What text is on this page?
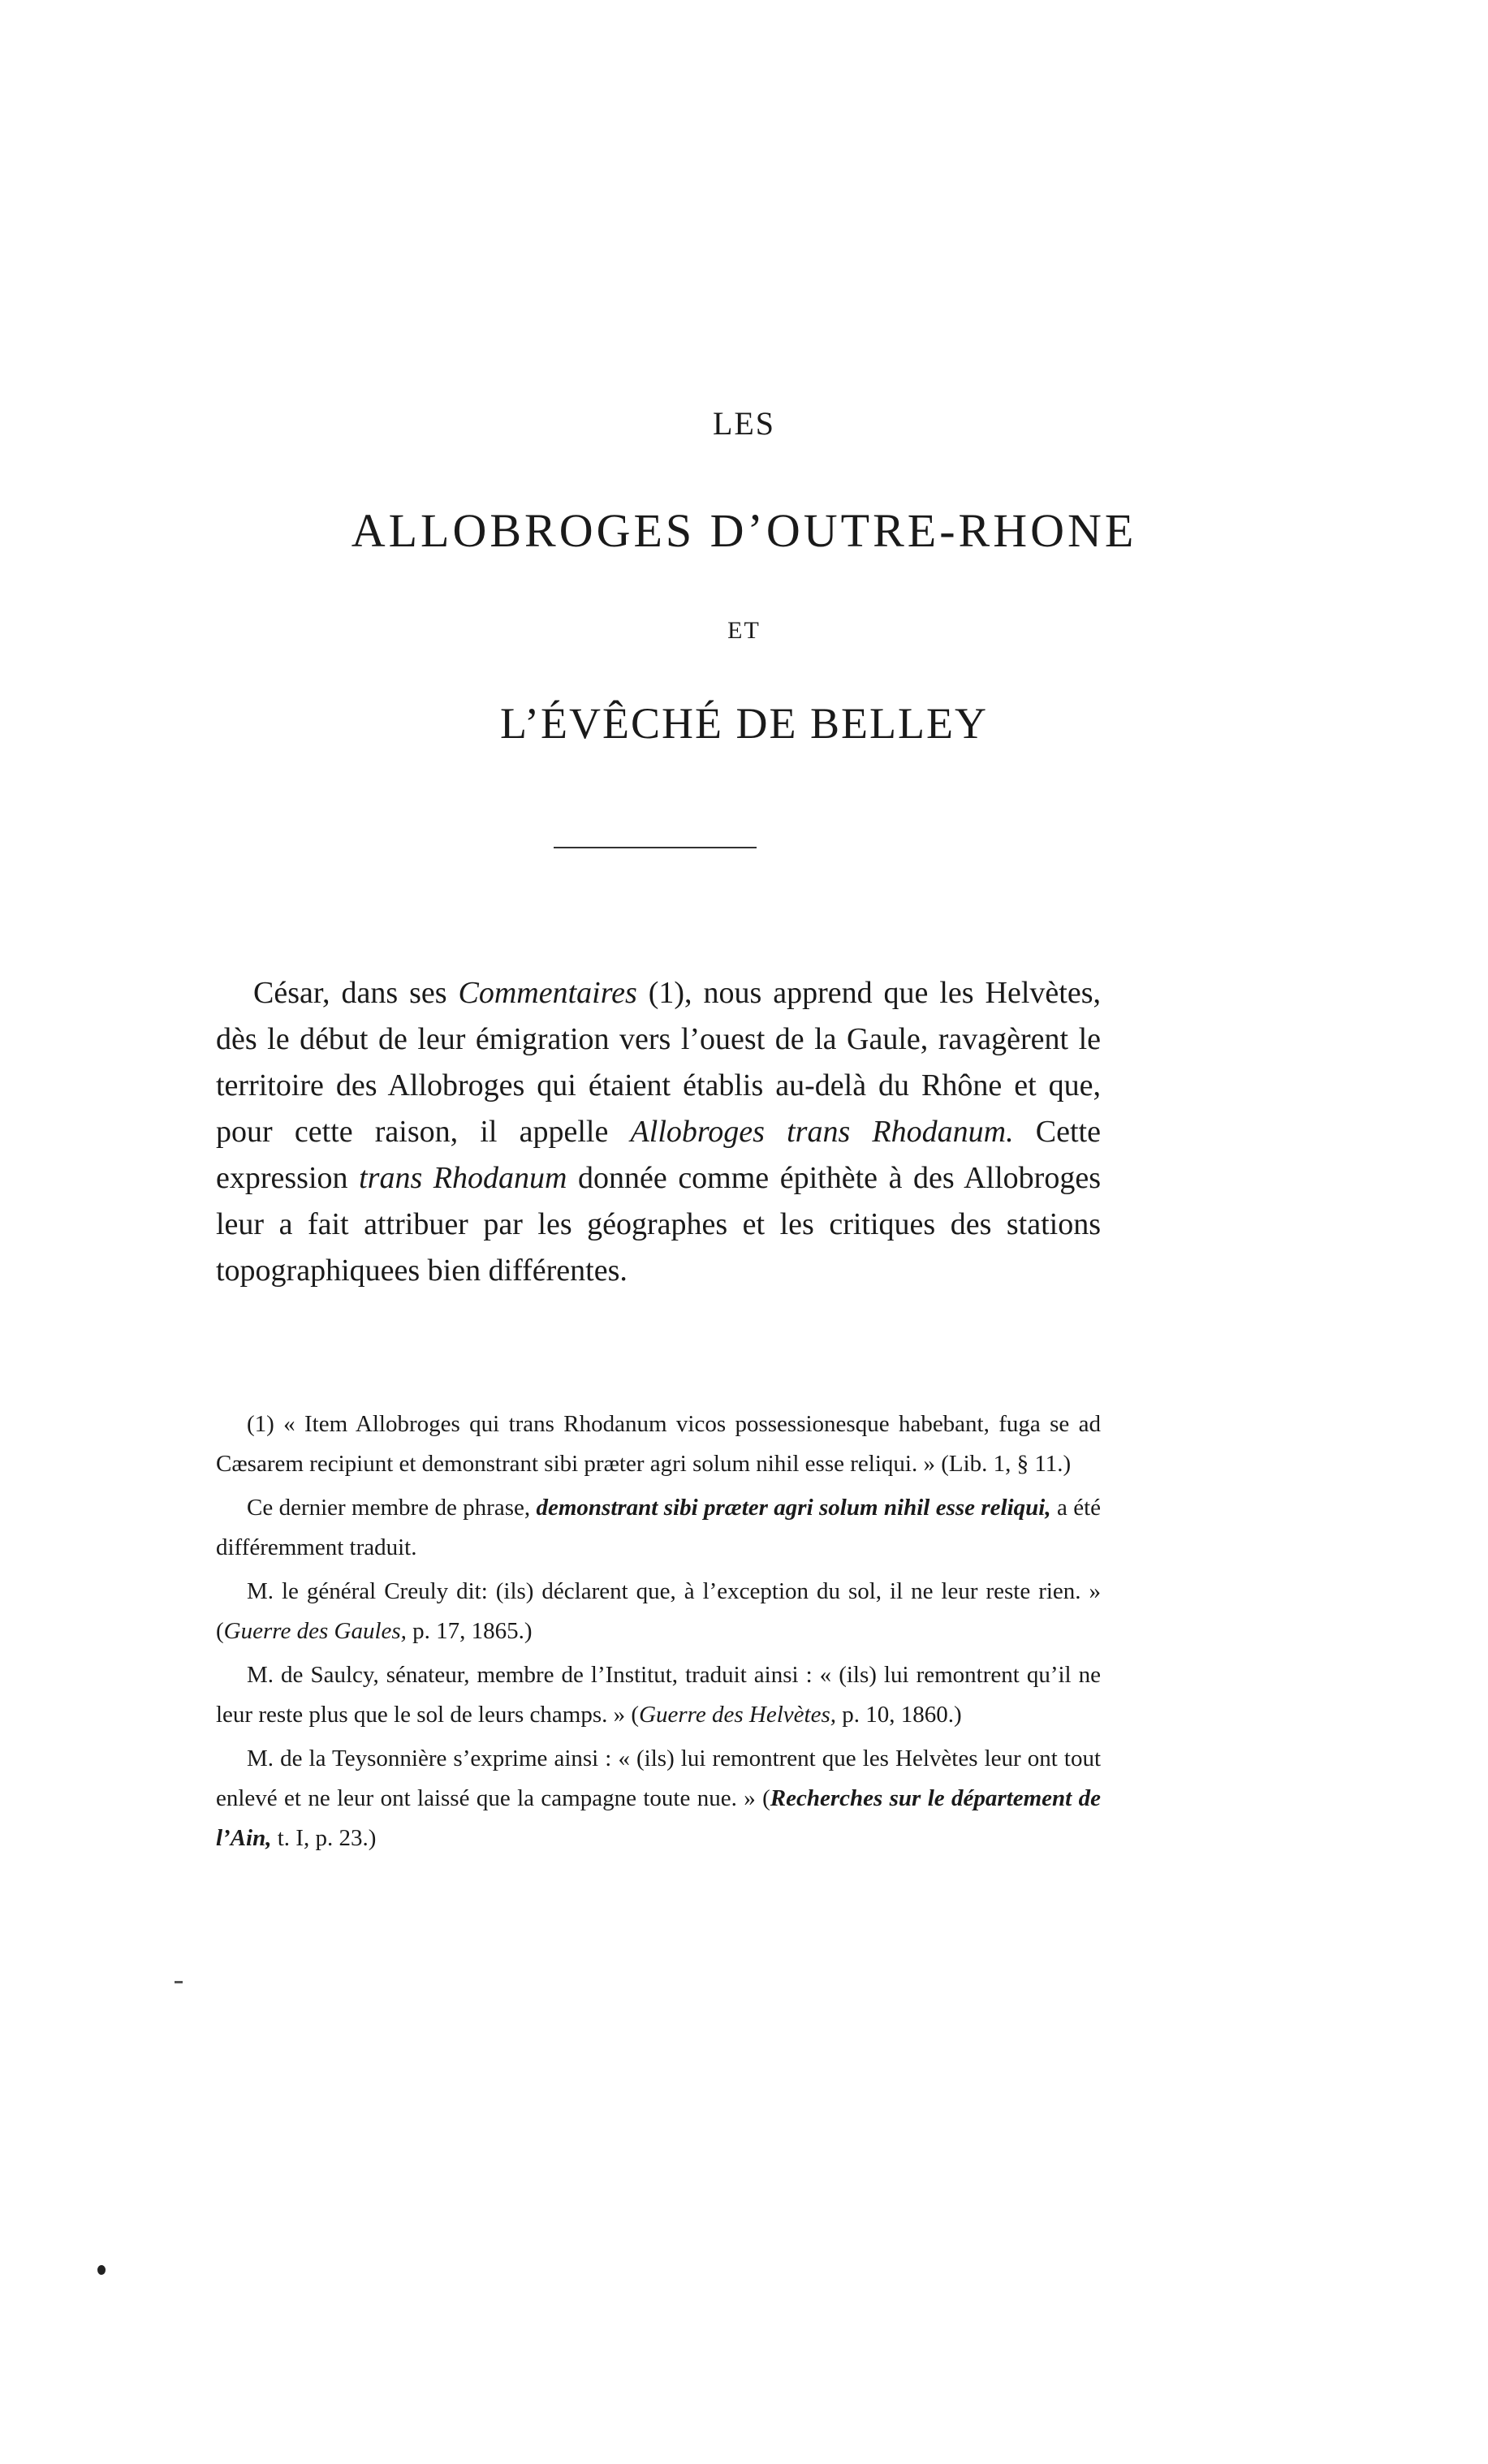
LES
ALLOBROGES D’OUTRE-RHONE
ET
L’ÉVÊCHÉ DE BELLEY

César, dans ses Commentaires (1), nous apprend que les Helvètes, dès le début de leur émigration vers l’ouest de la Gaule, ravagèrent le territoire des Allobroges qui étaient établis au-delà du Rhône et que, pour cette raison, il appelle Allobroges trans Rhodanum. Cette expression trans Rhodanum donnée comme épithète à des Allobroges leur a fait attribuer par les géographes et les critiques des stations topographiquees bien différentes.

(1) « Item Allobroges qui trans Rhodanum vicos possessionesque habebant, fuga se ad Cæsarem recipiunt et demonstrant sibi præter agri solum nihil esse reliqui. » (Lib. 1, § 11.)

Ce dernier membre de phrase, demonstrant sibi præter agri solum nihil esse reliqui, a été différemment traduit.

M. le général Creuly dit: (ils) déclarent que, à l’exception du sol, il ne leur reste rien. » (Guerre des Gaules, p. 17, 1865.)

M. de Saulcy, sénateur, membre de l’Institut, traduit ainsi : « (ils) lui remontrent qu’il ne leur reste plus que le sol de leurs champs. » (Guerre des Helvètes, p. 10, 1860.)

M. de la Teysonnière s’exprime ainsi : « (ils) lui remontrent que les Helvètes leur ont tout enlevé et ne leur ont laissé que la campagne toute nue. » (Recherches sur le département de l’Ain, t. I, p. 23.)
